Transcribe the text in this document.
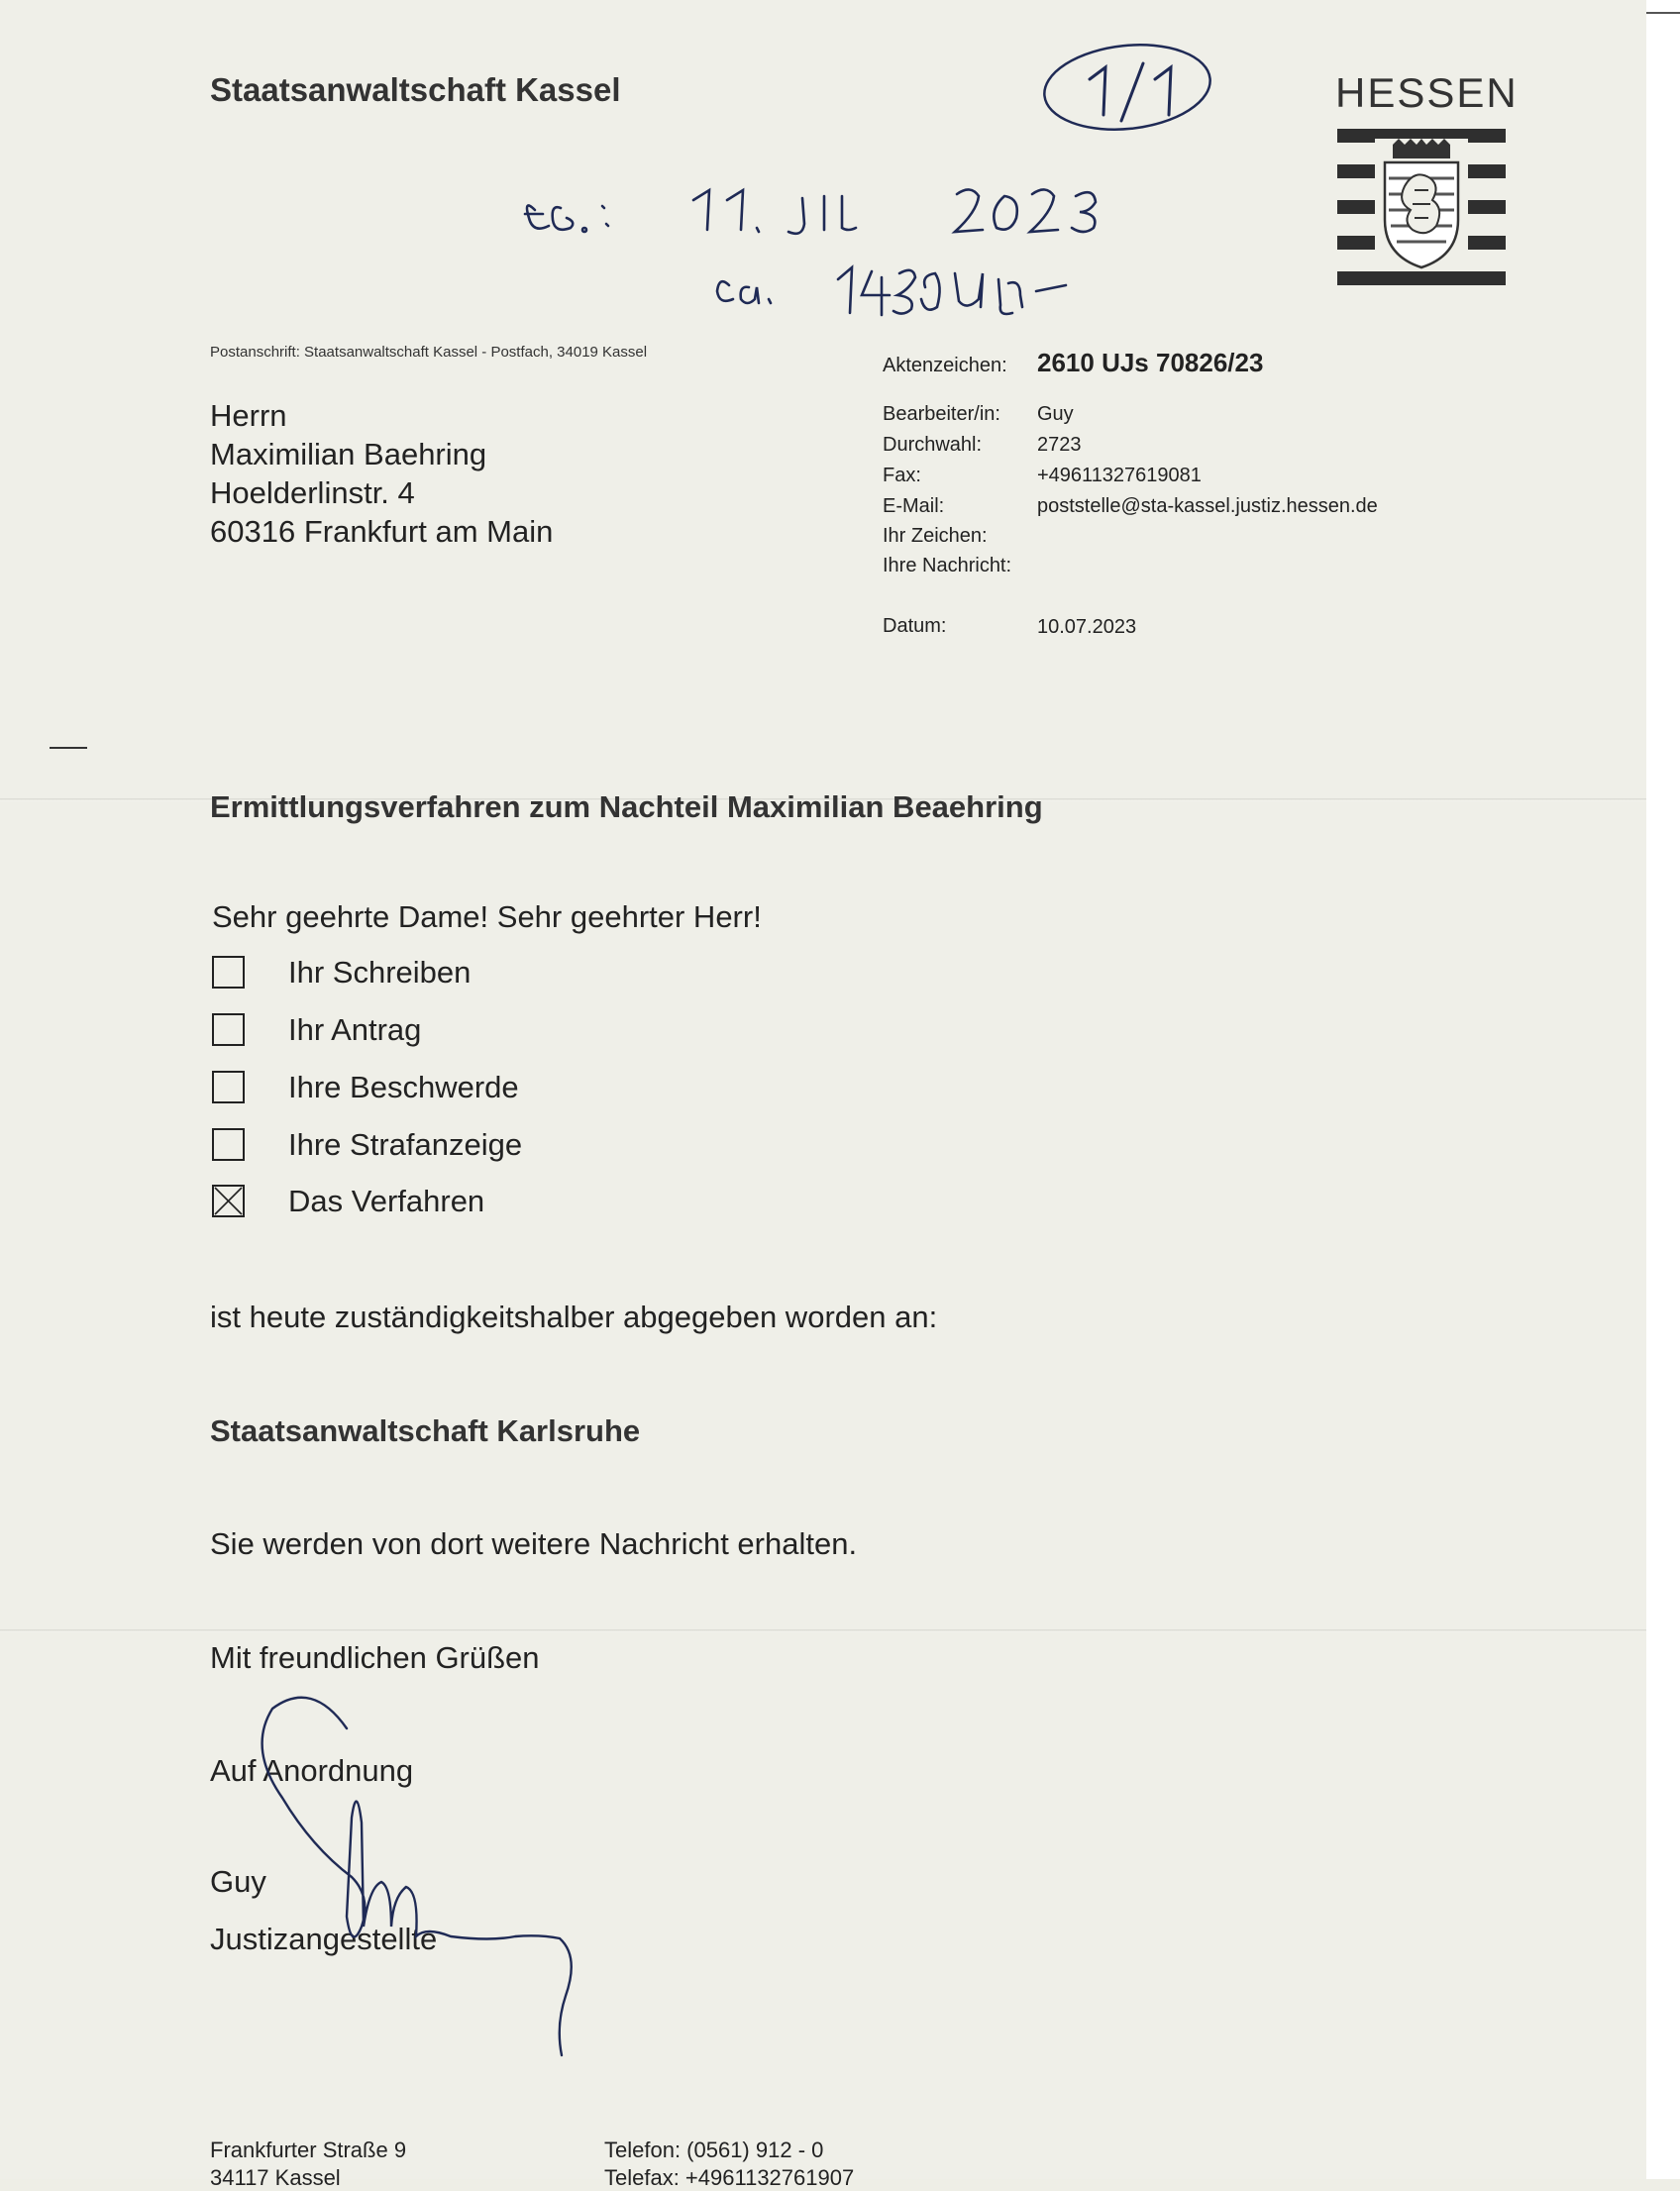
Staatsanwaltschaft Kassel	HESSEN
Postanschrift: Staatsanwaltschaft Kassel - Postfach, 34019 Kassel
Herrn
Maximilian Baehring
Hoelderlinstr. 4
60316 Frankfurt am Main
Aktenzeichen: 2610 UJs 70826/23
Bearbeiter/in: Guy
Durchwahl:	2723
Fax:	+49611327619081
E-Mail:	poststelle@sta-kassel.justiz.hessen.de
Ihr Zeichen:
Ihre Nachricht:
Datum:	10.07.2023
Ermittlungsverfahren zum Nachteil Maximilian Beaehring
Sehr geehrte Dame! Sehr geehrter Herr!
Ihr Schreiben
Ihr Antrag
Ihre Beschwerde
Ihre Strafanzeige
Das Verfahren
ist heute zuständigkeitshalber abgegeben worden an:
Staatsanwaltschaft Karlsruhe
Sie werden von dort weitere Nachricht erhalten.
Mit freundlichen Grüßen
Auf Anordnung
Guy
Justizangestellte
Frankfurter Straße 9
34117 Kassel
Telefon: (0561) 912 - 0
Telefax: +4961132761907
